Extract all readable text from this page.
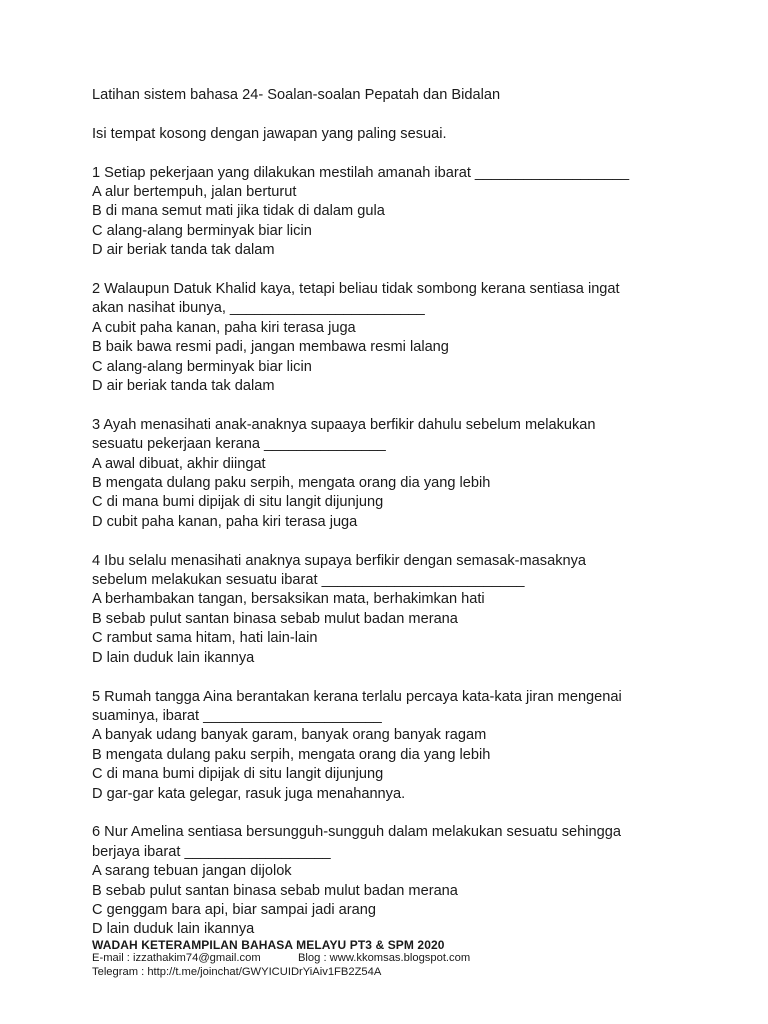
Latihan sistem bahasa 24- Soalan-soalan Pepatah dan Bidalan
Isi tempat kosong dengan jawapan yang paling sesuai.
1 Setiap pekerjaan yang dilakukan mestilah amanah ibarat ___________________
A alur bertempuh, jalan berturut
B di mana semut mati jika tidak di dalam gula
C alang-alang berminyak biar licin
D air beriak tanda tak dalam
2 Walaupun Datuk Khalid kaya, tetapi beliau tidak sombong kerana sentiasa ingat
akan nasihat ibunya, ________________________
A cubit paha kanan, paha kiri terasa juga
B baik bawa resmi padi, jangan membawa resmi lalang
C alang-alang berminyak biar licin
D air beriak tanda tak dalam
3 Ayah menasihati anak-anaknya supaaya berfikir dahulu sebelum melakukan
sesuatu pekerjaan kerana _______________
A awal dibuat, akhir diingat
B mengata dulang paku serpih, mengata orang dia yang lebih
C di mana bumi dipijak di situ langit dijunjung
D cubit paha kanan, paha kiri terasa juga
4 Ibu selalu menasihati anaknya supaya berfikir dengan semasak-masaknya
sebelum melakukan sesuatu ibarat _________________________
A berhambakan tangan, bersaksikan mata, berhakimkan hati
B sebab pulut santan binasa sebab mulut badan merana
C rambut sama hitam, hati lain-lain
D lain duduk lain ikannya
5 Rumah tangga Aina berantakan kerana terlalu percaya kata-kata jiran mengenai
suaminya, ibarat ______________________
A banyak udang banyak garam, banyak orang banyak ragam
B mengata dulang paku serpih, mengata orang dia yang lebih
C di mana bumi dipijak di situ langit dijunjung
D gar-gar kata gelegar, rasuk juga menahannya.
6 Nur Amelina sentiasa bersungguh-sungguh dalam melakukan sesuatu sehingga
berjaya ibarat __________________
A sarang tebuan jangan dijolok
B sebab pulut santan binasa sebab mulut badan merana
C genggam bara api, biar sampai jadi arang
D lain duduk lain ikannya
WADAH KETERAMPILAN BAHASA MELAYU PT3 & SPM 2020
E-mail : izzathakim74@gmail.com            Blog : www.kkomsas.blogspot.com
Telegram : http://t.me/joinchat/GWYICUIDrYiAiv1FB2Z54A
